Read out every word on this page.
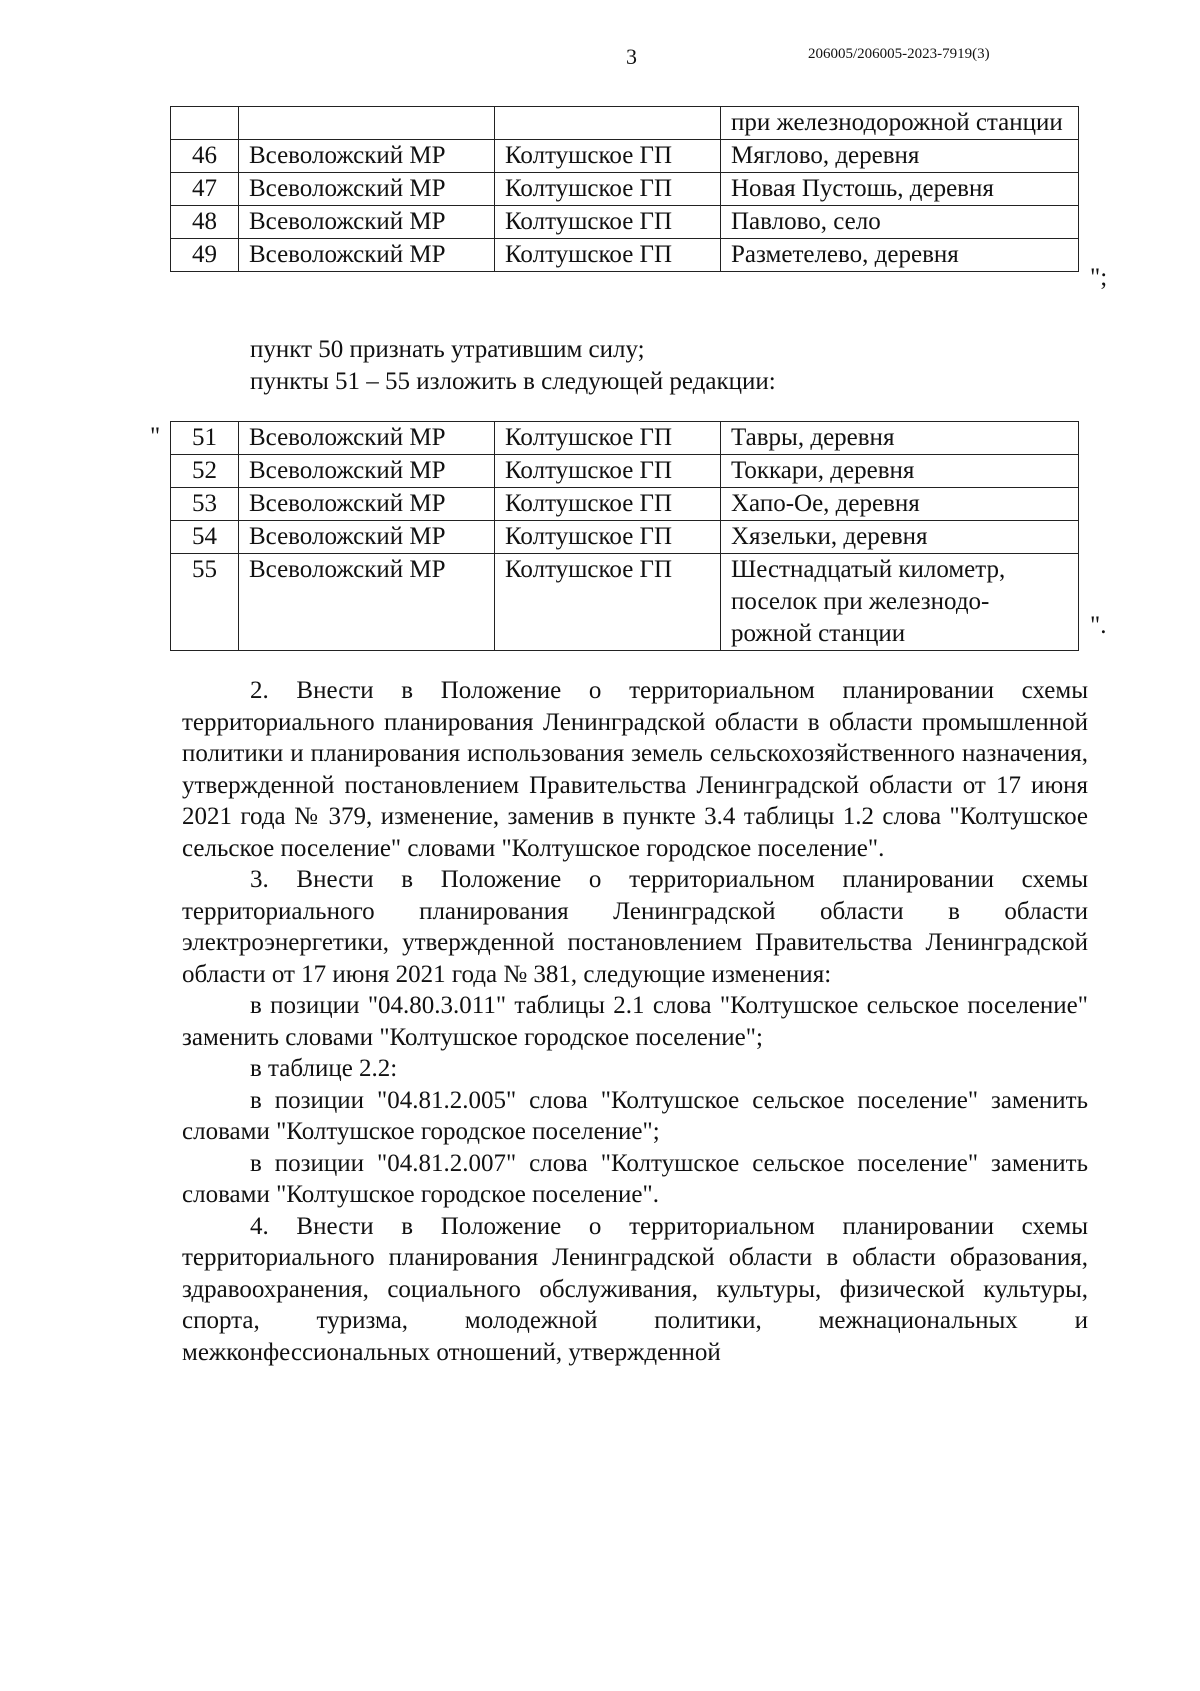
3	206005/206005-2023-7919(3)
			при железнодорожной станции
46	Всеволожский МР	Колтушское ГП	Мяглово, деревня
47	Всеволожский МР	Колтушское ГП	Новая Пустошь, деревня
48	Всеволожский МР	Колтушское ГП	Павлово, село
49	Всеволожский МР	Колтушское ГП	Разметелево, деревня
";
пункт 50 признать утратившим силу;
пункты 51 – 55 изложить в следующей редакции:
" 51	Всеволожский МР	Колтушское ГП	Тавры, деревня
52	Всеволожский МР	Колтушское ГП	Токкари, деревня
53	Всеволожский МР	Колтушское ГП	Хапо-Ое, деревня
54	Всеволожский МР	Колтушское ГП	Хязельки, деревня
55	Всеволожский МР	Колтушское ГП	Шестнадцатый километр, поселок при железнодо-рожной станции	".

2. Внести в Положение о территориальном планировании схемы территориального планирования Ленинградской области в области промышленной политики и планирования использования земель сельскохозяйственного назначения, утвержденной постановлением Правительства Ленинградской области от 17 июня 2021 года № 379, изменение, заменив в пункте 3.4 таблицы 1.2 слова "Колтушское сельское поселение" словами "Колтушское городское поселение".

3. Внести в Положение о территориальном планировании схемы территориального планирования Ленинградской области в области электроэнергетики, утвержденной постановлением Правительства Ленинградской области от 17 июня 2021 года № 381, следующие изменения:

в позиции "04.80.3.011" таблицы 2.1 слова "Колтушское сельское поселение" заменить словами "Колтушское городское поселение";

в таблице 2.2:

в позиции "04.81.2.005" слова "Колтушское сельское поселение" заменить словами "Колтушское городское поселение";

в позиции "04.81.2.007" слова "Колтушское сельское поселение" заменить словами "Колтушское городское поселение".

4. Внести в Положение о территориальном планировании схемы территориального планирования Ленинградской области в области образования, здравоохранения, социального обслуживания, культуры, физической культуры, спорта, туризма, молодежной политики, межнациональных и межконфессиональных отношений, утвержденной
